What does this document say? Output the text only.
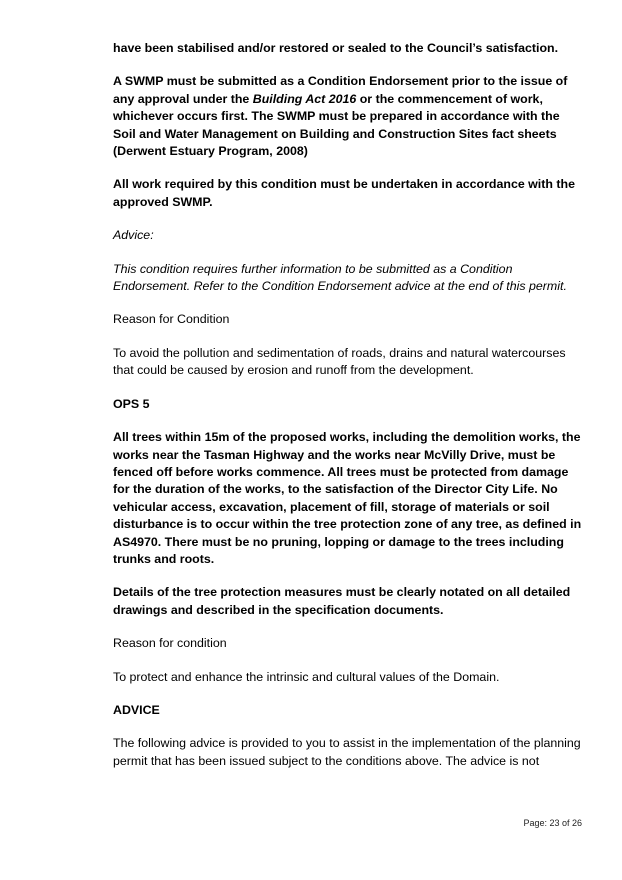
have been stabilised and/or restored or sealed to the Council’s satisfaction.

A SWMP must be submitted as a Condition Endorsement prior to the issue of any approval under the Building Act 2016 or the commencement of work, whichever occurs first. The SWMP must be prepared in accordance with the Soil and Water Management on Building and Construction Sites fact sheets (Derwent Estuary Program, 2008)

All work required by this condition must be undertaken in accordance with the approved SWMP.

Advice:

This condition requires further information to be submitted as a Condition Endorsement. Refer to the Condition Endorsement advice at the end of this permit.

Reason for Condition

To avoid the pollution and sedimentation of roads, drains and natural watercourses that could be caused by erosion and runoff from the development.

OPS 5

All trees within 15m of the proposed works, including the demolition works, the works near the Tasman Highway and the works near McVilly Drive, must be fenced off before works commence. All trees must be protected from damage for the duration of the works, to the satisfaction of the Director City Life. No vehicular access, excavation, placement of fill, storage of materials or soil disturbance is to occur within the tree protection zone of any tree, as defined in AS4970. There must be no pruning, lopping or damage to the trees including trunks and roots.

Details of the tree protection measures must be clearly notated on all detailed drawings and described in the specification documents.

Reason for condition

To protect and enhance the intrinsic and cultural values of the Domain.

ADVICE

The following advice is provided to you to assist in the implementation of the planning permit that has been issued subject to the conditions above. The advice is not

Page: 23 of 26
